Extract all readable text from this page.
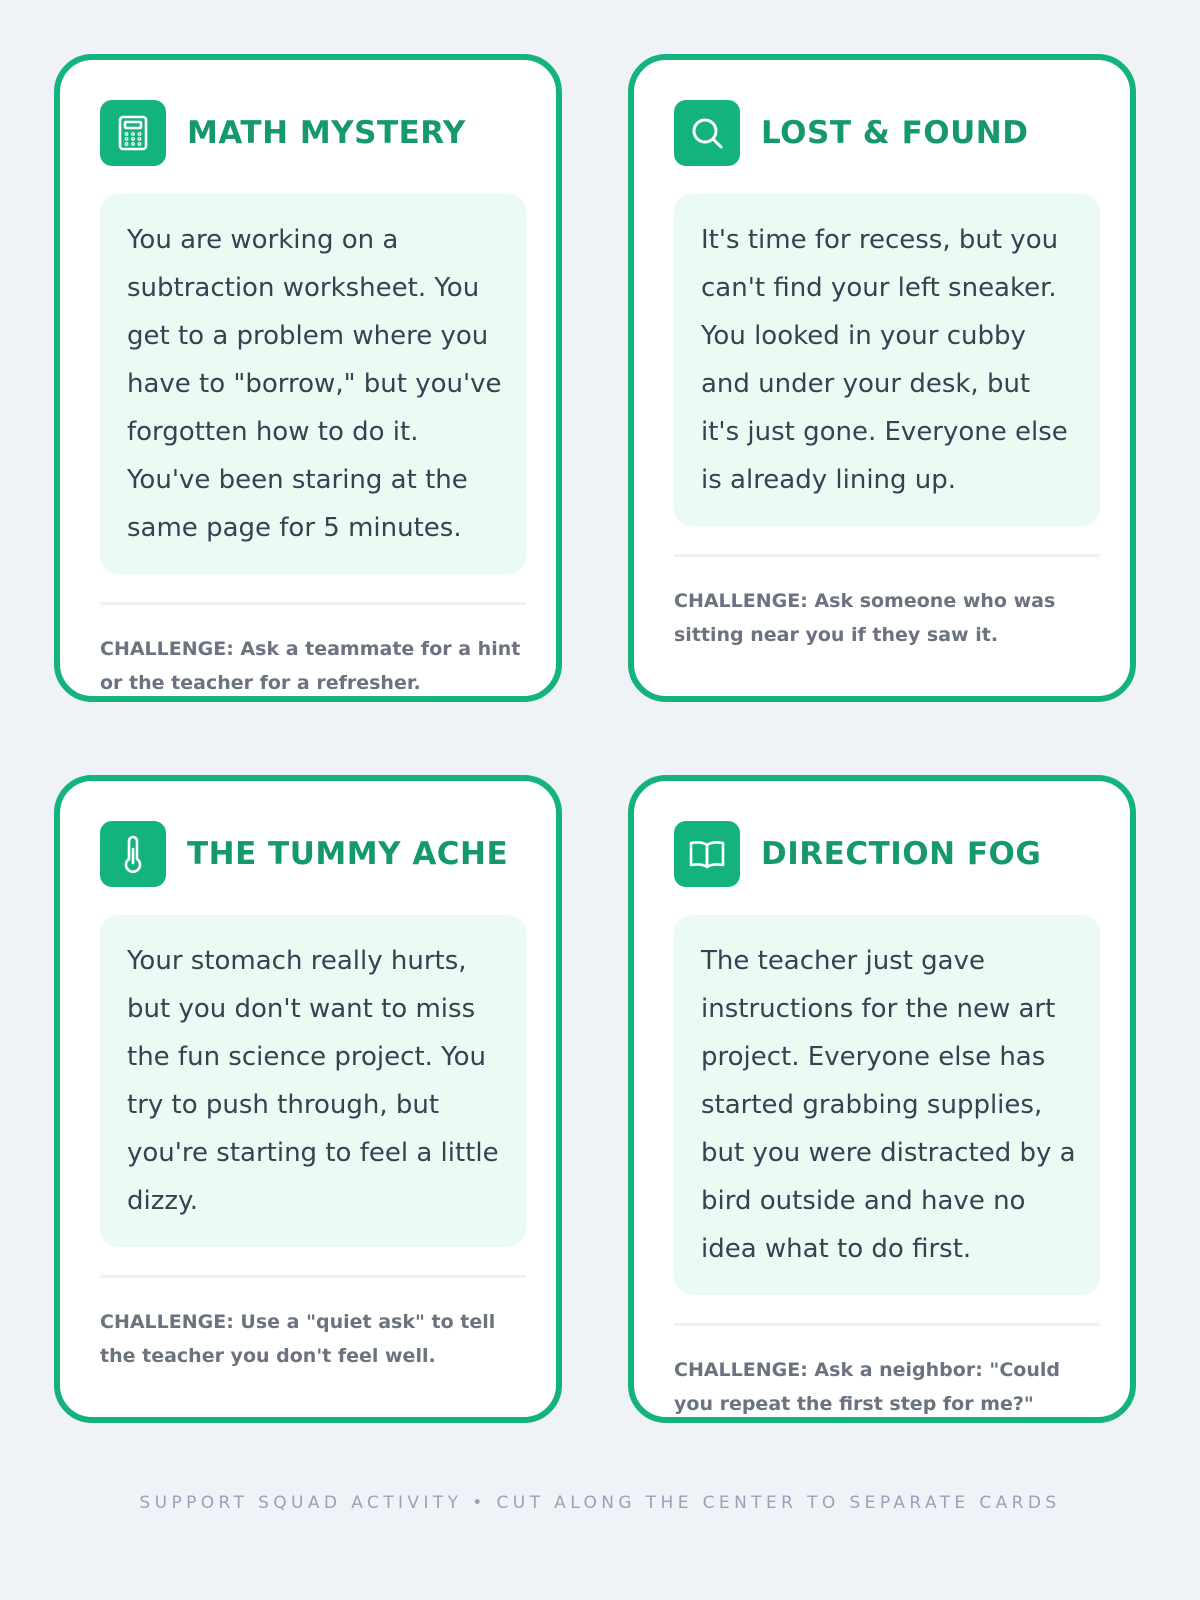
MATH MYSTERY
You are working on a subtraction worksheet. You get to a problem where you have to "borrow," but you've forgotten how to do it. You've been staring at the same page for 5 minutes.
CHALLENGE: Ask a teammate for a hint or the teacher for a refresher.
LOST & FOUND
It's time for recess, but you can't find your left sneaker. You looked in your cubby and under your desk, but it's just gone. Everyone else is already lining up.
CHALLENGE: Ask someone who was sitting near you if they saw it.
THE TUMMY ACHE
Your stomach really hurts, but you don't want to miss the fun science project. You try to push through, but you're starting to feel a little dizzy.
CHALLENGE: Use a "quiet ask" to tell the teacher you don't feel well.
DIRECTION FOG
The teacher just gave instructions for the new art project. Everyone else has started grabbing supplies, but you were distracted by a bird outside and have no idea what to do first.
CHALLENGE: Ask a neighbor: "Could you repeat the first step for me?"
SUPPORT SQUAD ACTIVITY • CUT ALONG THE CENTER TO SEPARATE CARDS
